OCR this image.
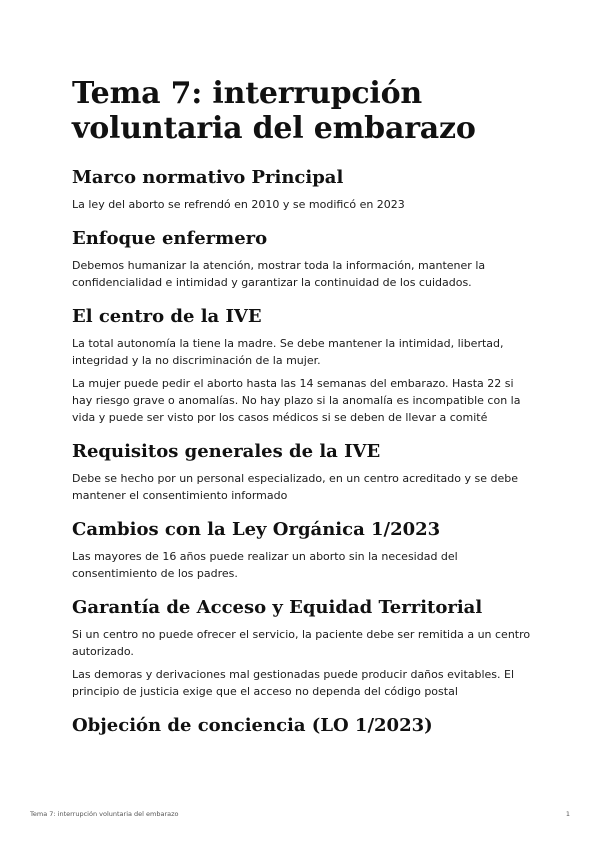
Tema 7: interrupción voluntaria del embarazo
Marco normativo Principal

La ley del aborto se refrendó en 2010 y se modificó en 2023

Enfoque enfermero

Debemos humanizar la atención, mostrar toda la información, mantener la confidencialidad e intimidad y garantizar la continuidad de los cuidados.

El centro de la IVE

La total autonomía la tiene la madre. Se debe mantener la intimidad, libertad, integridad y la no discriminación de la mujer.

La mujer puede pedir el aborto hasta las 14 semanas del embarazo. Hasta 22 si hay riesgo grave o anomalías. No hay plazo si la anomalía es incompatible con la vida y puede ser visto por los casos médicos si se deben de llevar a comité

Requisitos generales de la IVE

Debe se hecho por un personal especializado, en un centro acreditado y se debe mantener el consentimiento informado

Cambios con la Ley Orgánica 1/2023

Las mayores de 16 años puede realizar un aborto sin la necesidad del consentimiento de los padres.

Garantía de Acceso y Equidad Territorial

Si un centro no puede ofrecer el servicio, la paciente debe ser remitida a un centro autorizado.

Las demoras y derivaciones mal gestionadas puede producir daños evitables. El principio de justicia exige que el acceso no dependa del código postal

Objeción de conciencia (LO 1/2023)
Tema 7: interrupción voluntaria del embarazo	1
